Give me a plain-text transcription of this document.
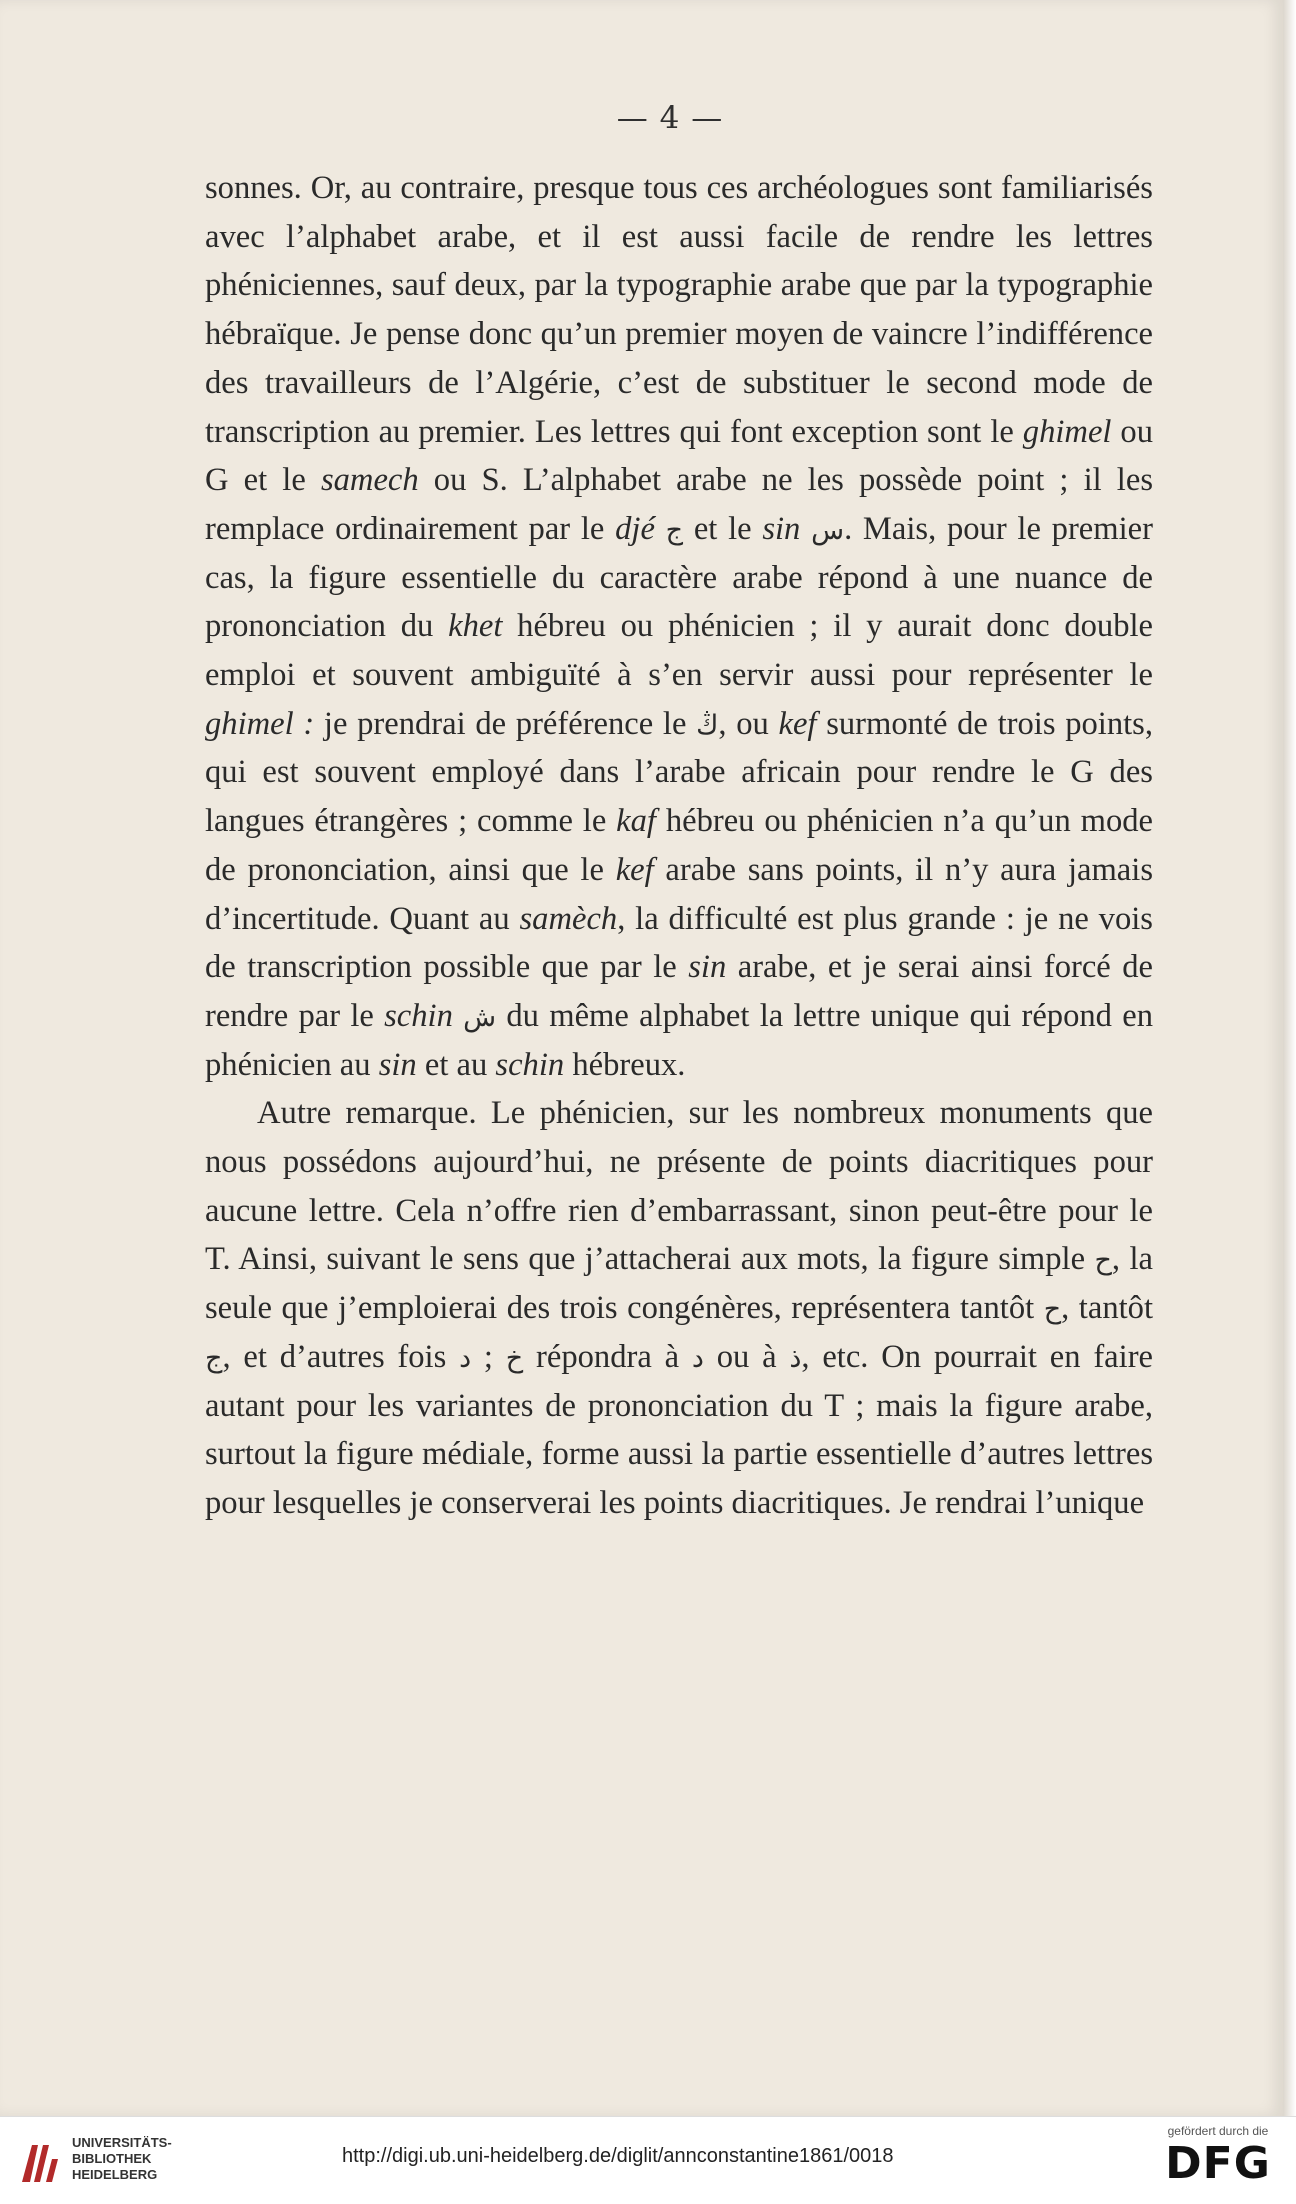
— 4 —

sonnes. Or, au contraire, presque tous ces archéologues sont familiarisés avec l’alphabet arabe, et il est aussi facile de rendre les lettres phéniciennes, sauf deux, par la typographie arabe que par la typographie hébraïque. Je pense donc qu’un premier moyen de vaincre l’indifférence des travailleurs de l’Algérie, c’est de substituer le second mode de transcription au premier. Les lettres qui font exception sont le ghimel ou G et le samech ou S. L’alphabet arabe ne les possède point ; il les remplace ordinairement par le djé ج et le sin س. Mais, pour le premier cas, la figure essentielle du caractère arabe répond à une nuance de prononciation du khet hébreu ou phénicien ; il y aurait donc double emploi et souvent ambiguïté à s’en servir aussi pour représenter le ghimel : je prendrai de préférence le ڭ, ou kef surmonté de trois points, qui est souvent employé dans l’arabe africain pour rendre le G des langues étrangères ; comme le kaf hébreu ou phénicien n’a qu’un mode de prononciation, ainsi que le kef arabe sans points, il n’y aura jamais d’incertitude. Quant au samèch, la difficulté est plus grande : je ne vois de transcription possible que par le sin arabe, et je serai ainsi forcé de rendre par le schin ش du même alphabet la lettre unique qui répond en phénicien au sin et au schin hébreux.

Autre remarque. Le phénicien, sur les nombreux monuments que nous possédons aujourd’hui, ne présente de points diacritiques pour aucune lettre. Cela n’offre rien d’embarrassant, sinon peut-être pour le T. Ainsi, suivant le sens que j’attacherai aux mots, la figure simple ح, la seule que j’emploierai des trois congénères, représentera tantôt ح, tantôt ج, et d’autres fois خ ; د répondra à د ou à ذ, etc. On pourrait en faire autant pour les variantes de prononciation du T ; mais la figure arabe, surtout la figure médiale, forme aussi la partie essentielle d’autres lettres pour lesquelles je conserverai les points diacritiques. Je rendrai l’unique

UNIVERSITÄTS-
BIBLIOTHEK
HEIDELBERG
http://digi.ub.uni-heidelberg.de/diglit/annconstantine1861/0018
gefördert durch die
DFG
